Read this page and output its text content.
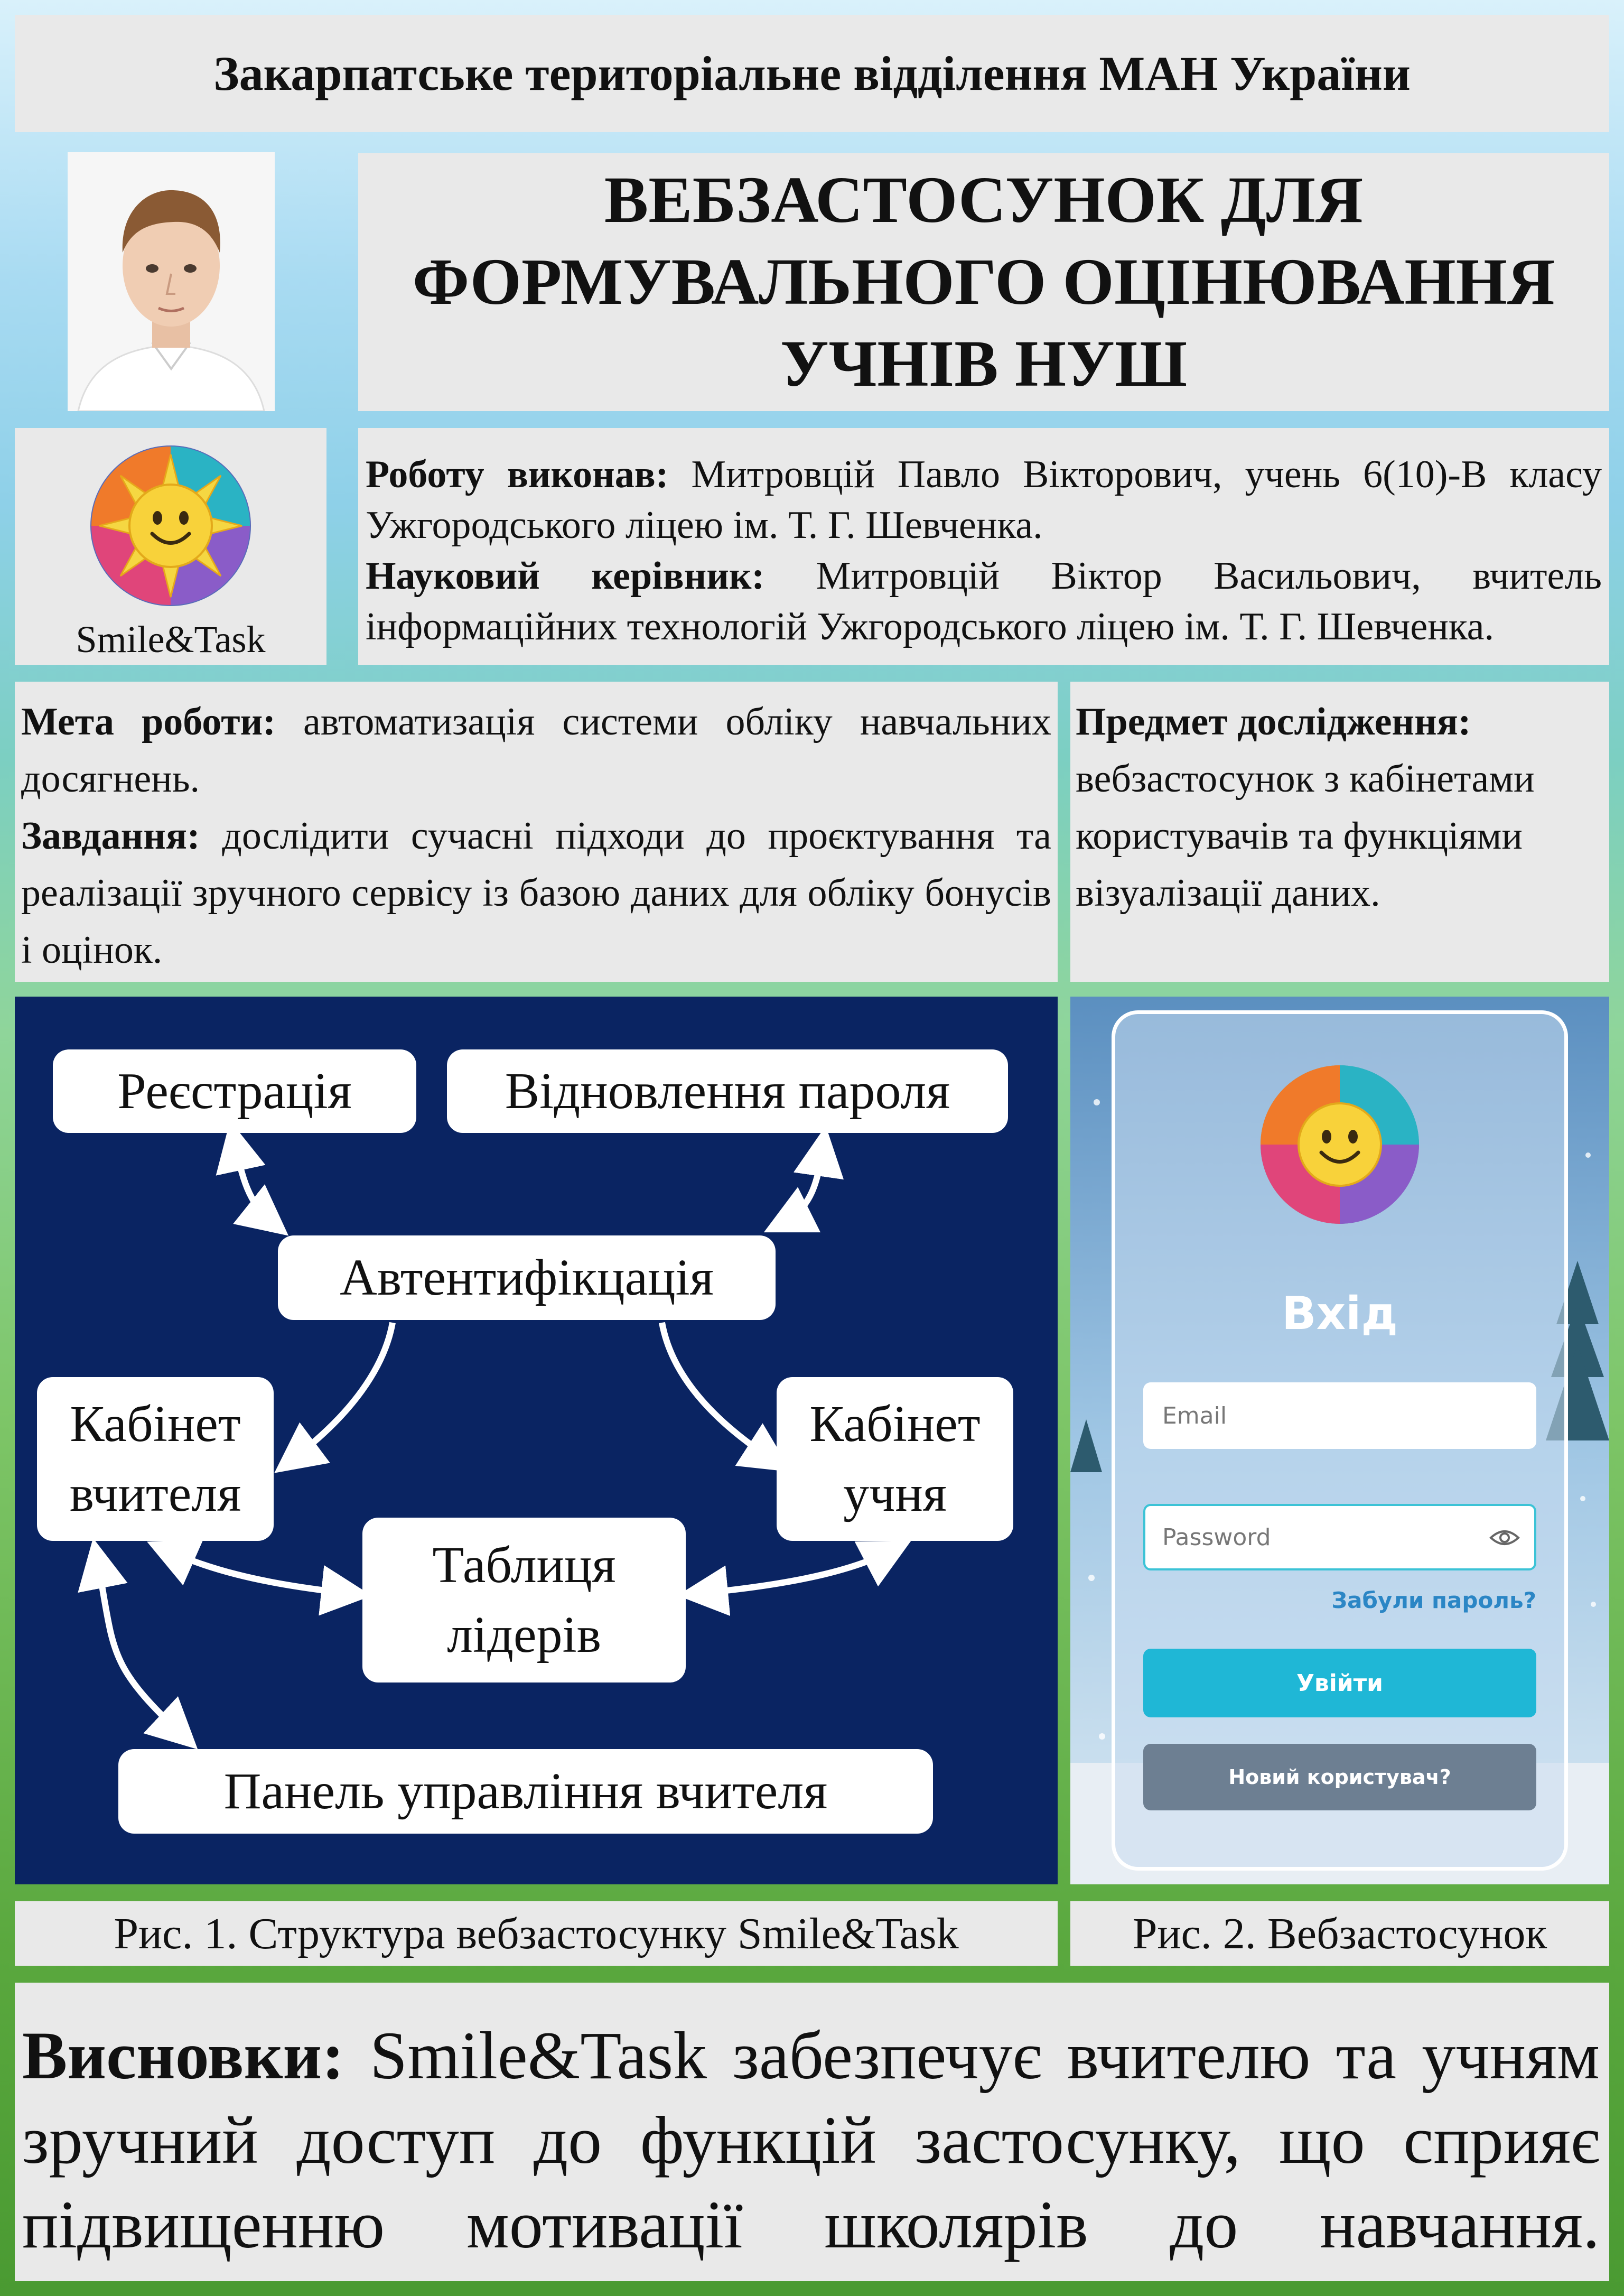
Закарпатське територіальне відділення МАН України
ВЕБЗАСТОСУНОК ДЛЯ
ФОРМУВАЛЬНОГО ОЦІНЮВАННЯ
УЧНІВ НУШ
Smile&Task
Роботу виконав: Митровцій Павло Вікторович, учень 6(10)-В класу Ужгородського ліцею ім. Т. Г. Шевченка.
Науковий керівник: Митровцій Віктор Васильович, вчитель інформаційних технологій Ужгородського ліцею ім. Т. Г. Шевченка.
Мета роботи: автоматизація системи обліку навчальних досягнень.
Завдання: дослідити сучасні підходи до проєктування та реалізації зручного сервісу із базою даних для обліку бонусів і оцінок.
Предмет дослідження:
вебзастосунок з кабінетами користувачів та функціями візуалізації даних.
Реєстрація	Відновлення пароля
Автентифікцація
Кабінет
вчителя
Кабінет
учня
Таблиця
лідерів
Панель управління вчителя
Вхід
Email
Password
Забули пароль?
Увійти
Новий користувач?
Рис. 1. Структура вебзастосунку Smile&Task	Рис. 2. Вебзастосунок
Висновки: Smile&Task забезпечує вчителю та учням зручний доступ до функцій застосунку, що сприяє підвищенню мотивації школярів до навчання.
